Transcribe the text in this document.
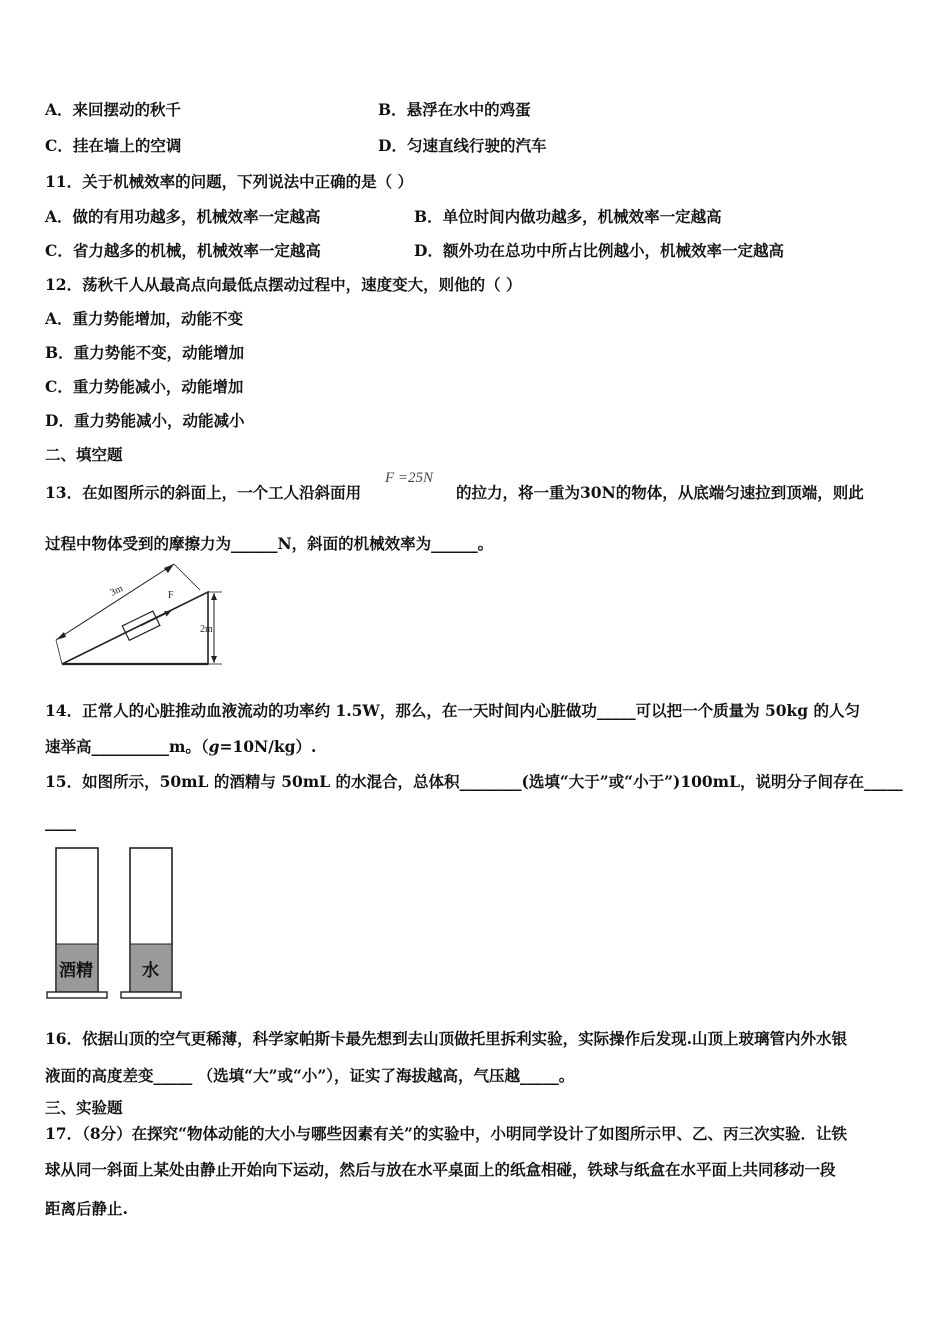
A．来回摆动的秋千	B．悬浮在水中的鸡蛋
C．挂在墙上的空调	D．匀速直线行驶的汽车
11．关于机械效率的问题，下列说法中正确的是（ ）
A．做的有用功越多，机械效率一定越高	B．单位时间内做功越多，机械效率一定越高
C．省力越多的机械，机械效率一定越高	D．额外功在总功中所占比例越小，机械效率一定越高
12．荡秋千人从最高点向最低点摆动过程中，速度变大，则他的（ ）
A．重力势能增加，动能不变
B．重力势能不变，动能增加
C．重力势能减小，动能增加
D．重力势能减小，动能减小
二、填空题
13．在如图所示的斜面上，一个工人沿斜面用
F =25N
的拉力，将一重为30N的物体，从底端匀速拉到顶端，则此
过程中物体受到的摩擦力为______N，斜面的机械效率为______。
3m	F
2m
14．正常人的心脏推动血液流动的功率约 1.5W，那么，在一天时间内心脏做功_____可以把一个质量为 50kg 的人匀
速举高__________m。（g=10N/kg）.
15．如图所示，50mL 的酒精与 50mL 的水混合，总体积________(选填“大于”或“小于”)100mL，说明分子间存在_____
____
酒精	水
16．依据山顶的空气更稀薄，科学家帕斯卡最先想到去山顶做托里拆利实验，实际操作后发现.山顶上玻璃管内外水银
液面的高度差变_____ （选填“大”或“小”），证实了海拔越高，气压越_____。
三、实验题
17．（8分）在探究“物体动能的大小与哪些因素有关”的实验中，小明同学设计了如图所示甲、乙、丙三次实验．让铁
球从同一斜面上某处由静止开始向下运动，然后与放在水平桌面上的纸盒相碰，铁球与纸盒在水平面上共同移动一段
距离后静止.
